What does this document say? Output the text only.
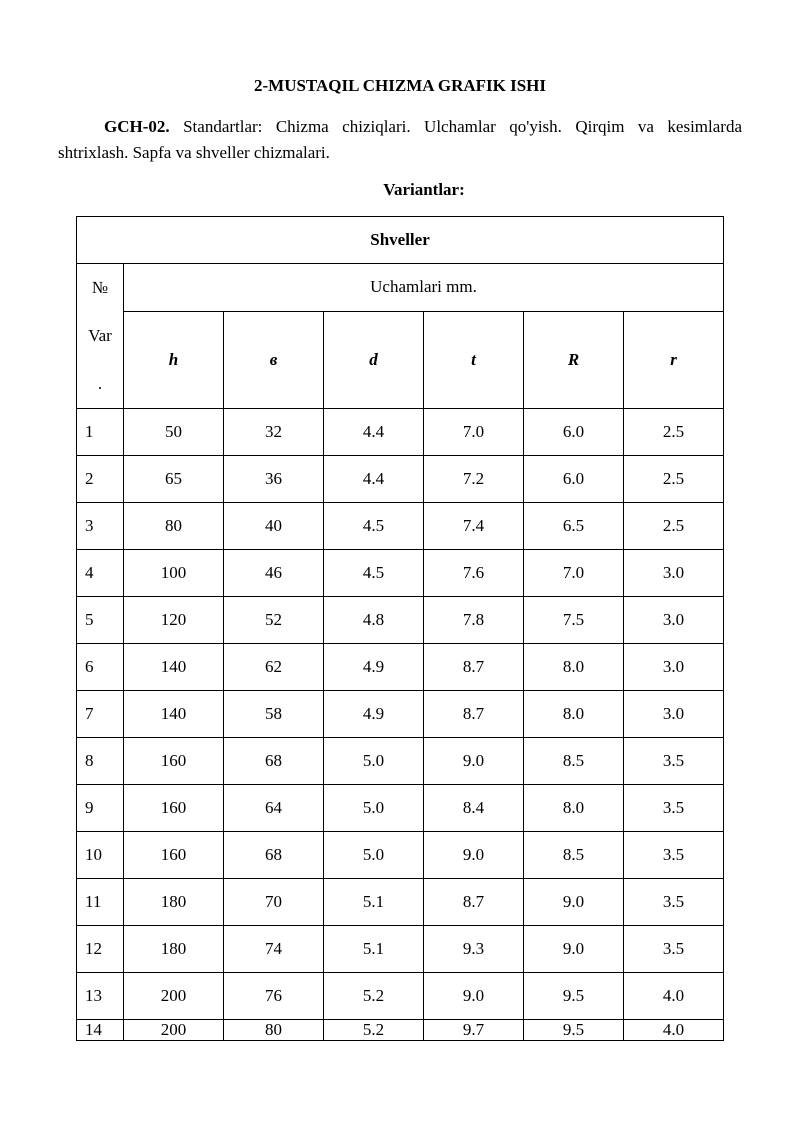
2-MUSTAQIL CHIZMA GRAFIK ISHI
GCH-02. Standartlar: Chizma chiziqlari. Ulchamlar qo'yish. Qirqim va kesimlarda shtrixlash. Sapfa va shveller chizmalari.
Variantlar:
Shveller						

№
Var
.	Uchamlari mm.					
	h	в	d	t	R	r
1	50	32	4.4	7.0	6.0	2.5
2	65	36	4.4	7.2	6.0	2.5
3	80	40	4.5	7.4	6.5	2.5
4	100	46	4.5	7.6	7.0	3.0
5	120	52	4.8	7.8	7.5	3.0
6	140	62	4.9	8.7	8.0	3.0
7	140	58	4.9	8.7	8.0	3.0
8	160	68	5.0	9.0	8.5	3.5
9	160	64	5.0	8.4	8.0	3.5
10	160	68	5.0	9.0	8.5	3.5
11	180	70	5.1	8.7	9.0	3.5
12	180	74	5.1	9.3	9.0	3.5
13	200	76	5.2	9.0	9.5	4.0
14	200	80	5.2	9.7	9.5	4.0
